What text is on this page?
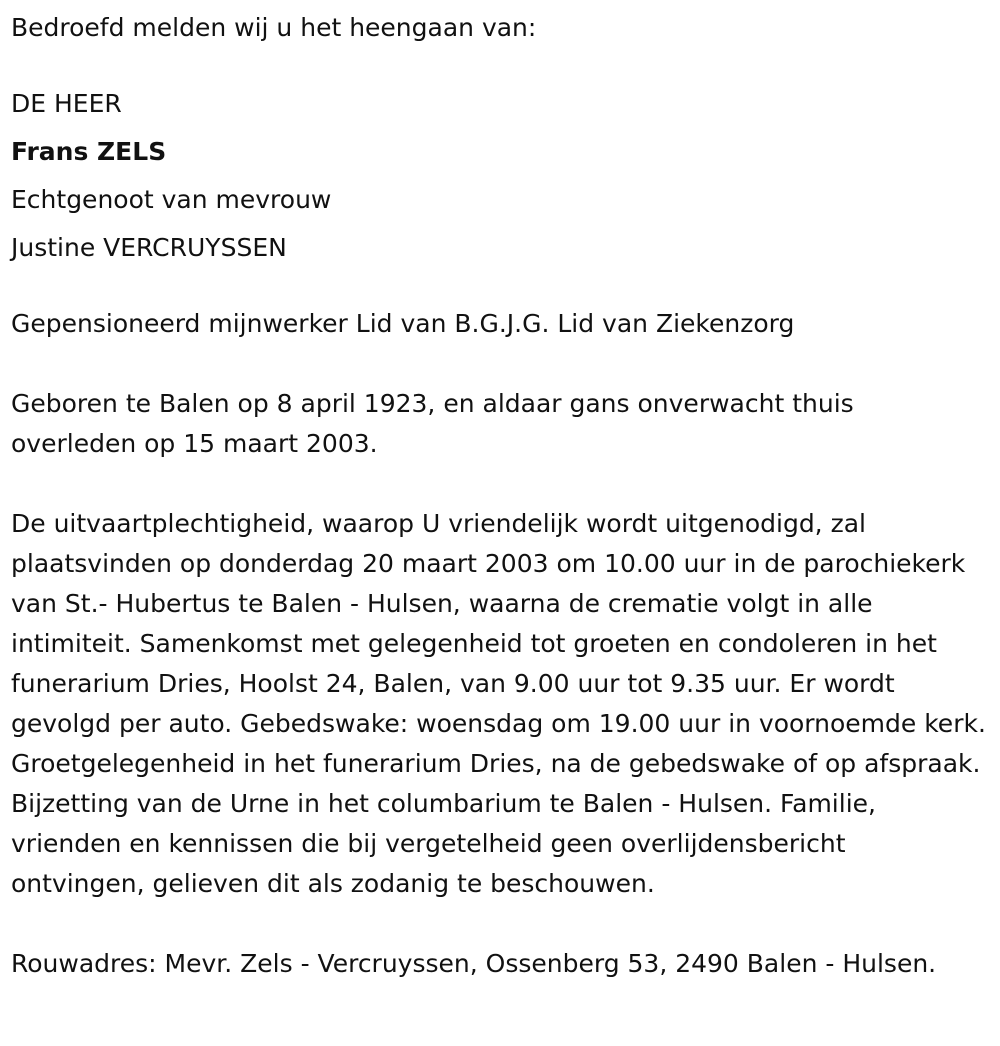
Bedroefd melden wij u het heengaan van:

DE HEER

Frans ZELS

Echtgenoot van mevrouw

Justine VERCRUYSSEN

Gepensioneerd mijnwerker Lid van B.G.J.G. Lid van Ziekenzorg

Geboren te Balen op 8 april 1923, en aldaar gans onverwacht thuis overleden op 15 maart 2003.

De uitvaartplechtigheid, waarop U vriendelijk wordt uitgenodigd, zal plaatsvinden op donderdag 20 maart 2003 om 10.00 uur in de parochiekerk van St.- Hubertus te Balen - Hulsen, waarna de crematie volgt in alle intimiteit. Samenkomst met gelegenheid tot groeten en condoleren in het funerarium Dries, Hoolst 24, Balen, van 9.00 uur tot 9.35 uur. Er wordt gevolgd per auto. Gebedswake: woensdag om 19.00 uur in voornoemde kerk. Groetgelegenheid in het funerarium Dries, na de gebedswake of op afspraak. Bijzetting van de Urne in het columbarium te Balen - Hulsen. Familie, vrienden en kennissen die bij vergetelheid geen overlijdensbericht ontvingen, gelieven dit als zodanig te beschouwen.

Rouwadres: Mevr. Zels - Vercruyssen, Ossenberg 53, 2490 Balen - Hulsen.
